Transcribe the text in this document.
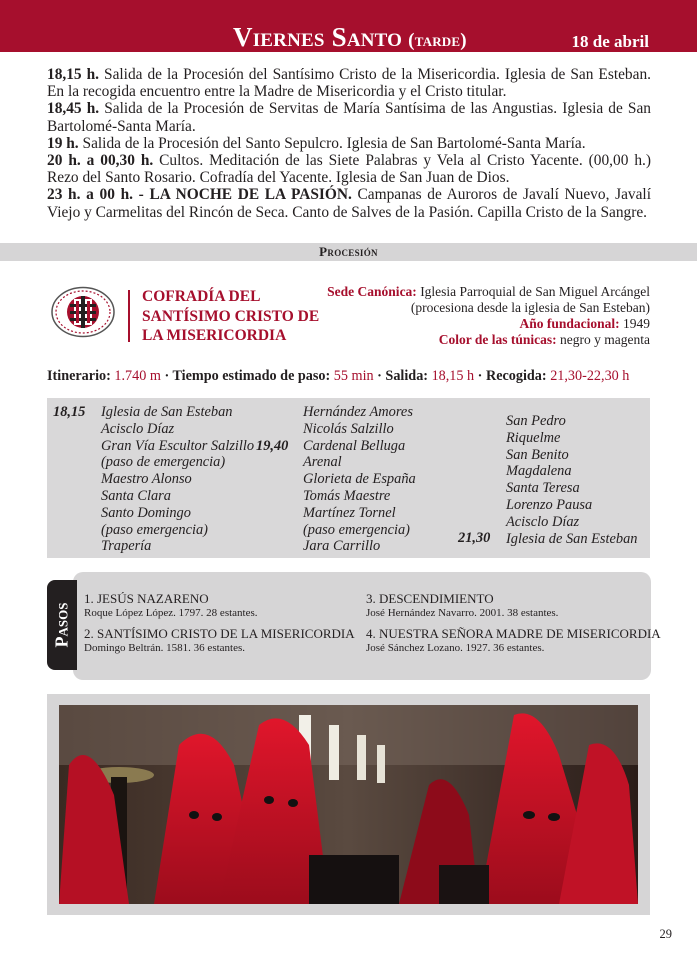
Viernes Santo (tarde)	18 de abril

18,15 h. Salida de la Procesión del Santísimo Cristo de la Misericordia. Iglesia de San Esteban. En la recogida encuentro entre la Madre de Misericordia y el Cristo titular.

18,45 h. Salida de la Procesión de Servitas de María Santísima de las Angustias. Iglesia de San Bartolomé-Santa María.

19 h. Salida de la Procesión del Santo Sepulcro. Iglesia de San Bartolomé-Santa María.

20 h. a 00,30 h. Cultos. Meditación de las Siete Palabras y Vela al Cristo Yacente. (00,00 h.) Rezo del Santo Rosario. Cofradía del Yacente. Iglesia de San Juan de Dios.

23 h. a 00 h. - LA NOCHE DE LA PASIÓN. Campanas de Auroros de Javalí Nuevo, Javalí Viejo y Carmelitas del Rincón de Seca. Canto de Salves de la Pasión. Capilla Cristo de la Sangre.

Procesión
COFRADÍA DEL
SANTÍSIMO CRISTO DE
LA MISERICORDIA
Sede Canónica: Iglesia Parroquial de San Miguel Arcángel
(procesiona desde la iglesia de San Esteban)
Año fundacional: 1949
Color de las túnicas: negro y magenta
Itinerario: 1.740 m · Tiempo estimado de paso: 55 min · Salida: 18,15 h · Recogida: 21,30-22,30 h
18,15 Iglesia de San Esteban
Acisclo Díaz
Gran Vía Escultor Salzillo
(paso de emergencia)
Maestro Alonso
Santa Clara
Santo Domingo
(paso emergencia)
Trapería
19,40
Hernández Amores
Nicolás Salzillo
Cardenal Belluga
Arenal
Glorieta de España
Tomás Maestre
Martínez Tornel
(paso emergencia)
Jara Carrillo
San Pedro
Riquelme
San Benito
Magdalena
Santa Teresa
Lorenzo Pausa
Acisclo Díaz
Iglesia de San Esteban
21,30
1. JESÚS NAZARENO
Roque López López. 1797. 28 estantes.
2. SANTÍSIMO CRISTO DE LA MISERICORDIA
Domingo Beltrán. 1581. 36 estantes.
3. DESCENDIMIENTO
José Hernández Navarro. 2001. 38 estantes.
4. NUESTRA SEÑORA MADRE DE MISERICORDIA
José Sánchez Lozano. 1927. 36 estantes.
Pasos
29
